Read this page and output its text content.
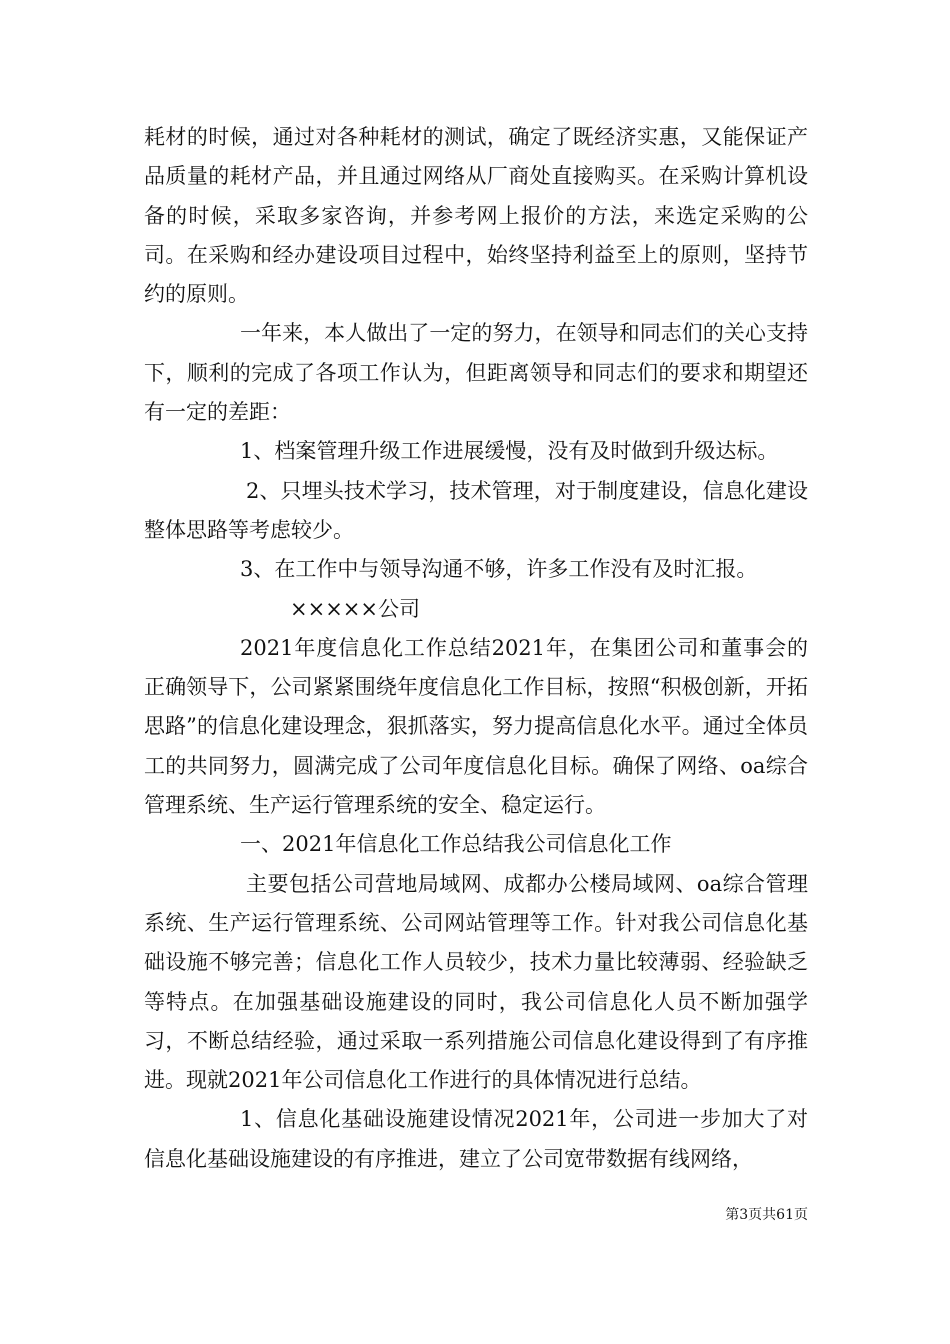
耗材的时候，通过对各种耗材的测试，确定了既经济实惠，又能保证产品质量的耗材产品，并且通过网络从厂商处直接购买。在采购计算机设备的时候，采取多家咨询，并参考网上报价的方法，来选定采购的公司。在采购和经办建设项目过程中，始终坚持利益至上的原则，坚持节约的原则。

一年来，本人做出了一定的努力，在领导和同志们的关心支持下，顺利的完成了各项工作认为，但距离领导和同志们的要求和期望还有一定的差距：

1、档案管理升级工作进展缓慢，没有及时做到升级达标。

2、只埋头技术学习，技术管理，对于制度建设，信息化建设整体思路等考虑较少。

3、在工作中与领导沟通不够，许多工作没有及时汇报。

×××××公司

2021年度信息化工作总结2021年，在集团公司和董事会的正确领导下，公司紧紧围绕年度信息化工作目标，按照“积极创新，开拓思路”的信息化建设理念，狠抓落实，努力提高信息化水平。通过全体员工的共同努力，圆满完成了公司年度信息化目标。确保了网络、oa综合管理系统、生产运行管理系统的安全、稳定运行。

一、2021年信息化工作总结我公司信息化工作

主要包括公司营地局域网、成都办公楼局域网、oa综合管理系统、生产运行管理系统、公司网站管理等工作。针对我公司信息化基础设施不够完善；信息化工作人员较少，技术力量比较薄弱、经验缺乏等特点。在加强基础设施建设的同时，我公司信息化人员不断加强学习，不断总结经验，通过采取一系列措施公司信息化建设得到了有序推进。现就2021年公司信息化工作进行的具体情况进行总结。

1、信息化基础设施建设情况2021年，公司进一步加大了对信息化基础设施建设的有序推进，建立了公司宽带数据有线网络，

第3页共61页
